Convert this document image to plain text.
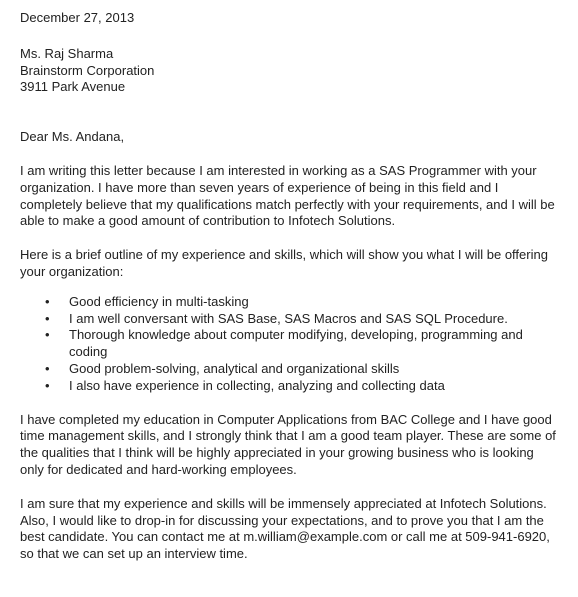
December 27, 2013

Ms. Raj Sharma

Brainstorm Corporation

3911 Park Avenue

Dear Ms. Andana,

I am writing this letter because I am interested in working as a SAS Programmer with your organization. I have more than seven years of experience of being in this field and I completely believe that my qualifications match perfectly with your requirements, and I will be able to make a good amount of contribution to Infotech Solutions.

Here is a brief outline of my experience and skills, which will show you what I will be offering your organization:

• Good efficiency in multi-tasking
• I am well conversant with SAS Base, SAS Macros and SAS SQL Procedure.
• Thorough knowledge about computer modifying, developing, programming and coding
• Good problem-solving, analytical and organizational skills
• I also have experience in collecting, analyzing and collecting data

I have completed my education in Computer Applications from BAC College and I have good time management skills, and I strongly think that I am a good team player. These are some of the qualities that I think will be highly appreciated in your growing business who is looking only for dedicated and hard-working employees.

I am sure that my experience and skills will be immensely appreciated at Infotech Solutions. Also, I would like to drop-in for discussing your expectations, and to prove you that I am the best candidate. You can contact me at m.william@example.com or call me at 509-941-6920, so that we can set up an interview time.
